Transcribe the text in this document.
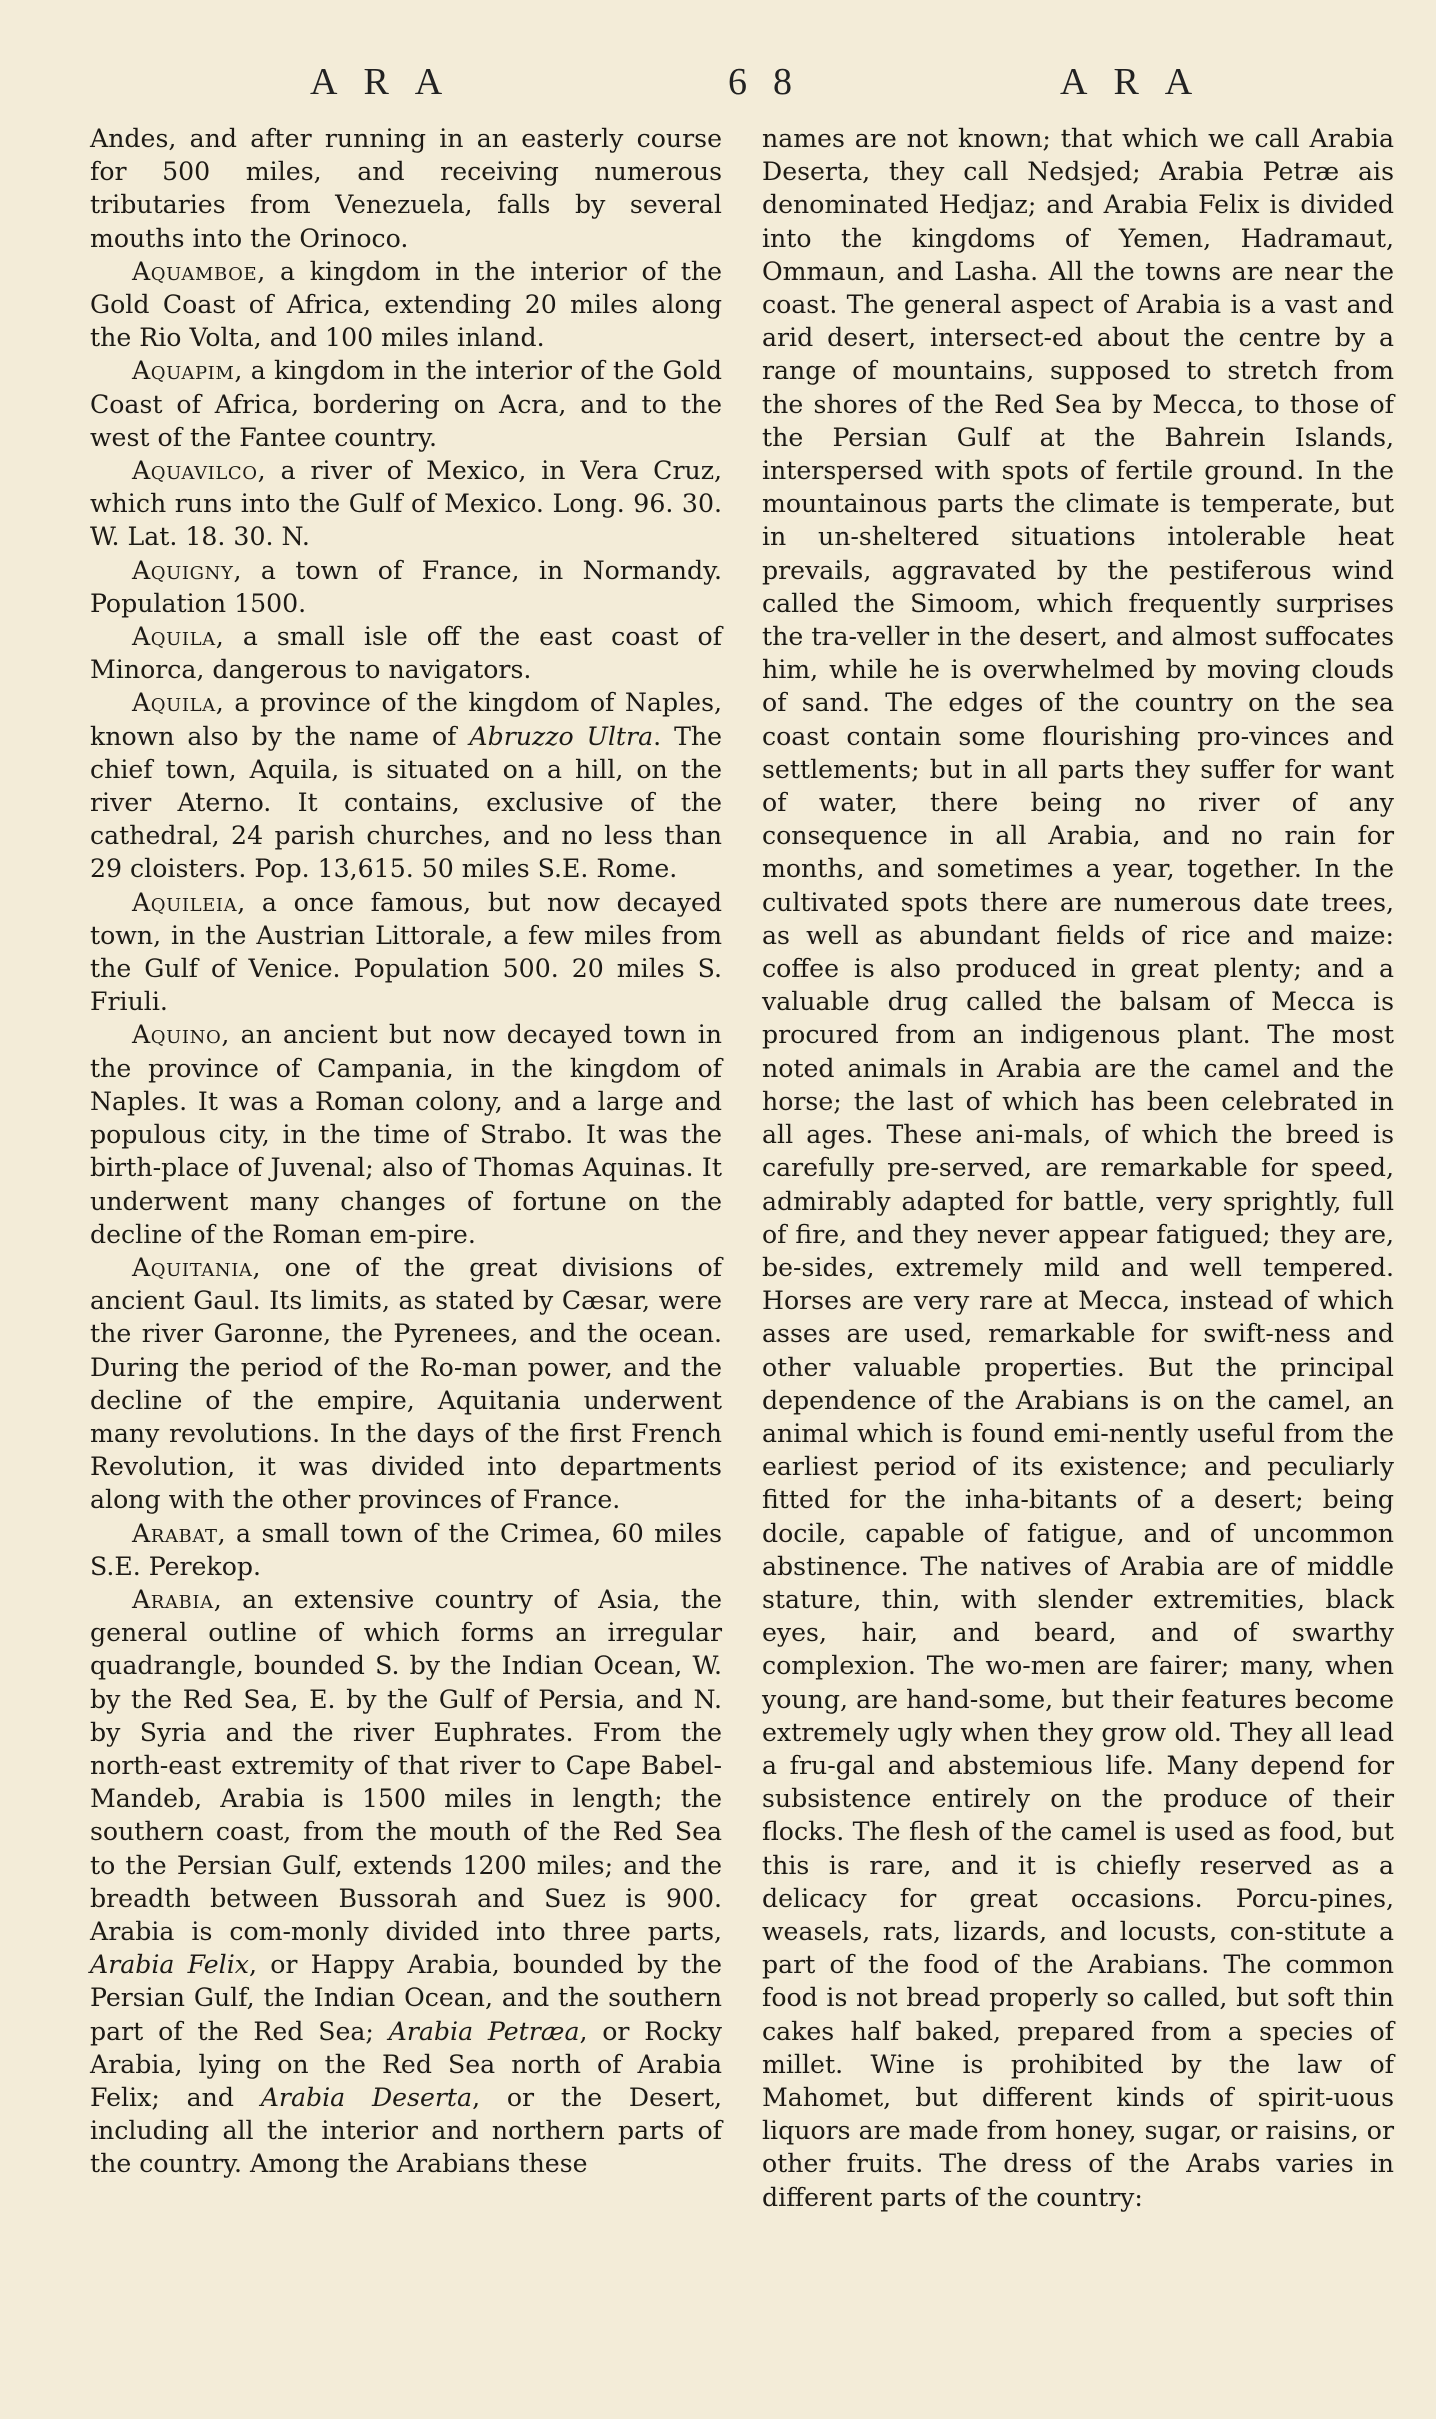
ARA	68	ARA

Andes, and after running in an easterly course for 500 miles, and receiving numerous tributaries from Venezuela, falls by several mouths into the Orinoco.

Aquamboe, a kingdom in the interior of the Gold Coast of Africa, extending 20 miles along the Rio Volta, and 100 miles inland.

Aquapim, a kingdom in the interior of the Gold Coast of Africa, bordering on Acra, and to the west of the Fantee country.

Aquavilco, a river of Mexico, in Vera Cruz, which runs into the Gulf of Mexico. Long. 96. 30. W. Lat. 18. 30. N.

Aquigny, a town of France, in Normandy. Population 1500.

Aquila, a small isle off the east coast of Minorca, dangerous to navigators.

Aquila, a province of the kingdom of Naples, known also by the name of Abruzzo Ultra. The chief town, Aquila, is situated on a hill, on the river Aterno. It contains, exclusive of the cathedral, 24 parish churches, and no less than 29 cloisters. Pop. 13,615. 50 miles S.E. Rome.

Aquileia, a once famous, but now decayed town, in the Austrian Littorale, a few miles from the Gulf of Venice. Population 500. 20 miles S. Friuli.

Aquino, an ancient but now decayed town in the province of Campania, in the kingdom of Naples. It was a Roman colony, and a large and populous city, in the time of Strabo. It was the birth-place of Juvenal; also of Thomas Aquinas. It underwent many changes of fortune on the decline of the Roman em-pire.

Aquitania, one of the great divisions of ancient Gaul. Its limits, as stated by Cæsar, were the river Garonne, the Pyrenees, and the ocean. During the period of the Ro-man power, and the decline of the empire, Aquitania underwent many revolutions. In the days of the first French Revolution, it was divided into departments along with the other provinces of France.

Arabat, a small town of the Crimea, 60 miles S.E. Perekop.

Arabia, an extensive country of Asia, the general outline of which forms an irregular quadrangle, bounded S. by the Indian Ocean, W. by the Red Sea, E. by the Gulf of Persia, and N. by Syria and the river Euphrates. From the north-east extremity of that river to Cape Babel-Mandeb, Arabia is 1500 miles in length; the southern coast, from the mouth of the Red Sea to the Persian Gulf, extends 1200 miles; and the breadth between Bussorah and Suez is 900. Arabia is com-monly divided into three parts, Arabia Felix, or Happy Arabia, bounded by the Persian Gulf, the Indian Ocean, and the southern part of the Red Sea; Arabia Petræa, or Rocky Arabia, lying on the Red Sea north of Arabia Felix; and Arabia Deserta, or the Desert, including all the interior and northern parts of the country. Among the Arabians these

names are not known; that which we call Arabia Deserta, they call Nedsjed; Arabia Petræ ais denominated Hedjaz; and Arabia Felix is divided into the kingdoms of Yemen, Hadramaut, Ommaun, and Lasha. All the towns are near the coast. The general aspect of Arabia is a vast and arid desert, intersect-ed about the centre by a range of mountains, supposed to stretch from the shores of the Red Sea by Mecca, to those of the Persian Gulf at the Bahrein Islands, interspersed with spots of fertile ground. In the mountainous parts the climate is temperate, but in un-sheltered situations intolerable heat prevails, aggravated by the pestiferous wind called the Simoom, which frequently surprises the tra-veller in the desert, and almost suffocates him, while he is overwhelmed by moving clouds of sand. The edges of the country on the sea coast contain some flourishing pro-vinces and settlements; but in all parts they suffer for want of water, there being no river of any consequence in all Arabia, and no rain for months, and sometimes a year, together. In the cultivated spots there are numerous date trees, as well as abundant fields of rice and maize: coffee is also produced in great plenty; and a valuable drug called the balsam of Mecca is procured from an indigenous plant. The most noted animals in Arabia are the camel and the horse; the last of which has been celebrated in all ages. These ani-mals, of which the breed is carefully pre-served, are remarkable for speed, admirably adapted for battle, very sprightly, full of fire, and they never appear fatigued; they are, be-sides, extremely mild and well tempered. Horses are very rare at Mecca, instead of which asses are used, remarkable for swift-ness and other valuable properties. But the principal dependence of the Arabians is on the camel, an animal which is found emi-nently useful from the earliest period of its existence; and peculiarly fitted for the inha-bitants of a desert; being docile, capable of fatigue, and of uncommon abstinence. The natives of Arabia are of middle stature, thin, with slender extremities, black eyes, hair, and beard, and of swarthy complexion. The wo-men are fairer; many, when young, are hand-some, but their features become extremely ugly when they grow old. They all lead a fru-gal and abstemious life. Many depend for subsistence entirely on the produce of their flocks. The flesh of the camel is used as food, but this is rare, and it is chiefly reserved as a delicacy for great occasions. Porcu-pines, weasels, rats, lizards, and locusts, con-stitute a part of the food of the Arabians. The common food is not bread properly so called, but soft thin cakes half baked, prepared from a species of millet. Wine is prohibited by the law of Mahomet, but different kinds of spirit-uous liquors are made from honey, sugar, or raisins, or other fruits. The dress of the Arabs varies in different parts of the country:
